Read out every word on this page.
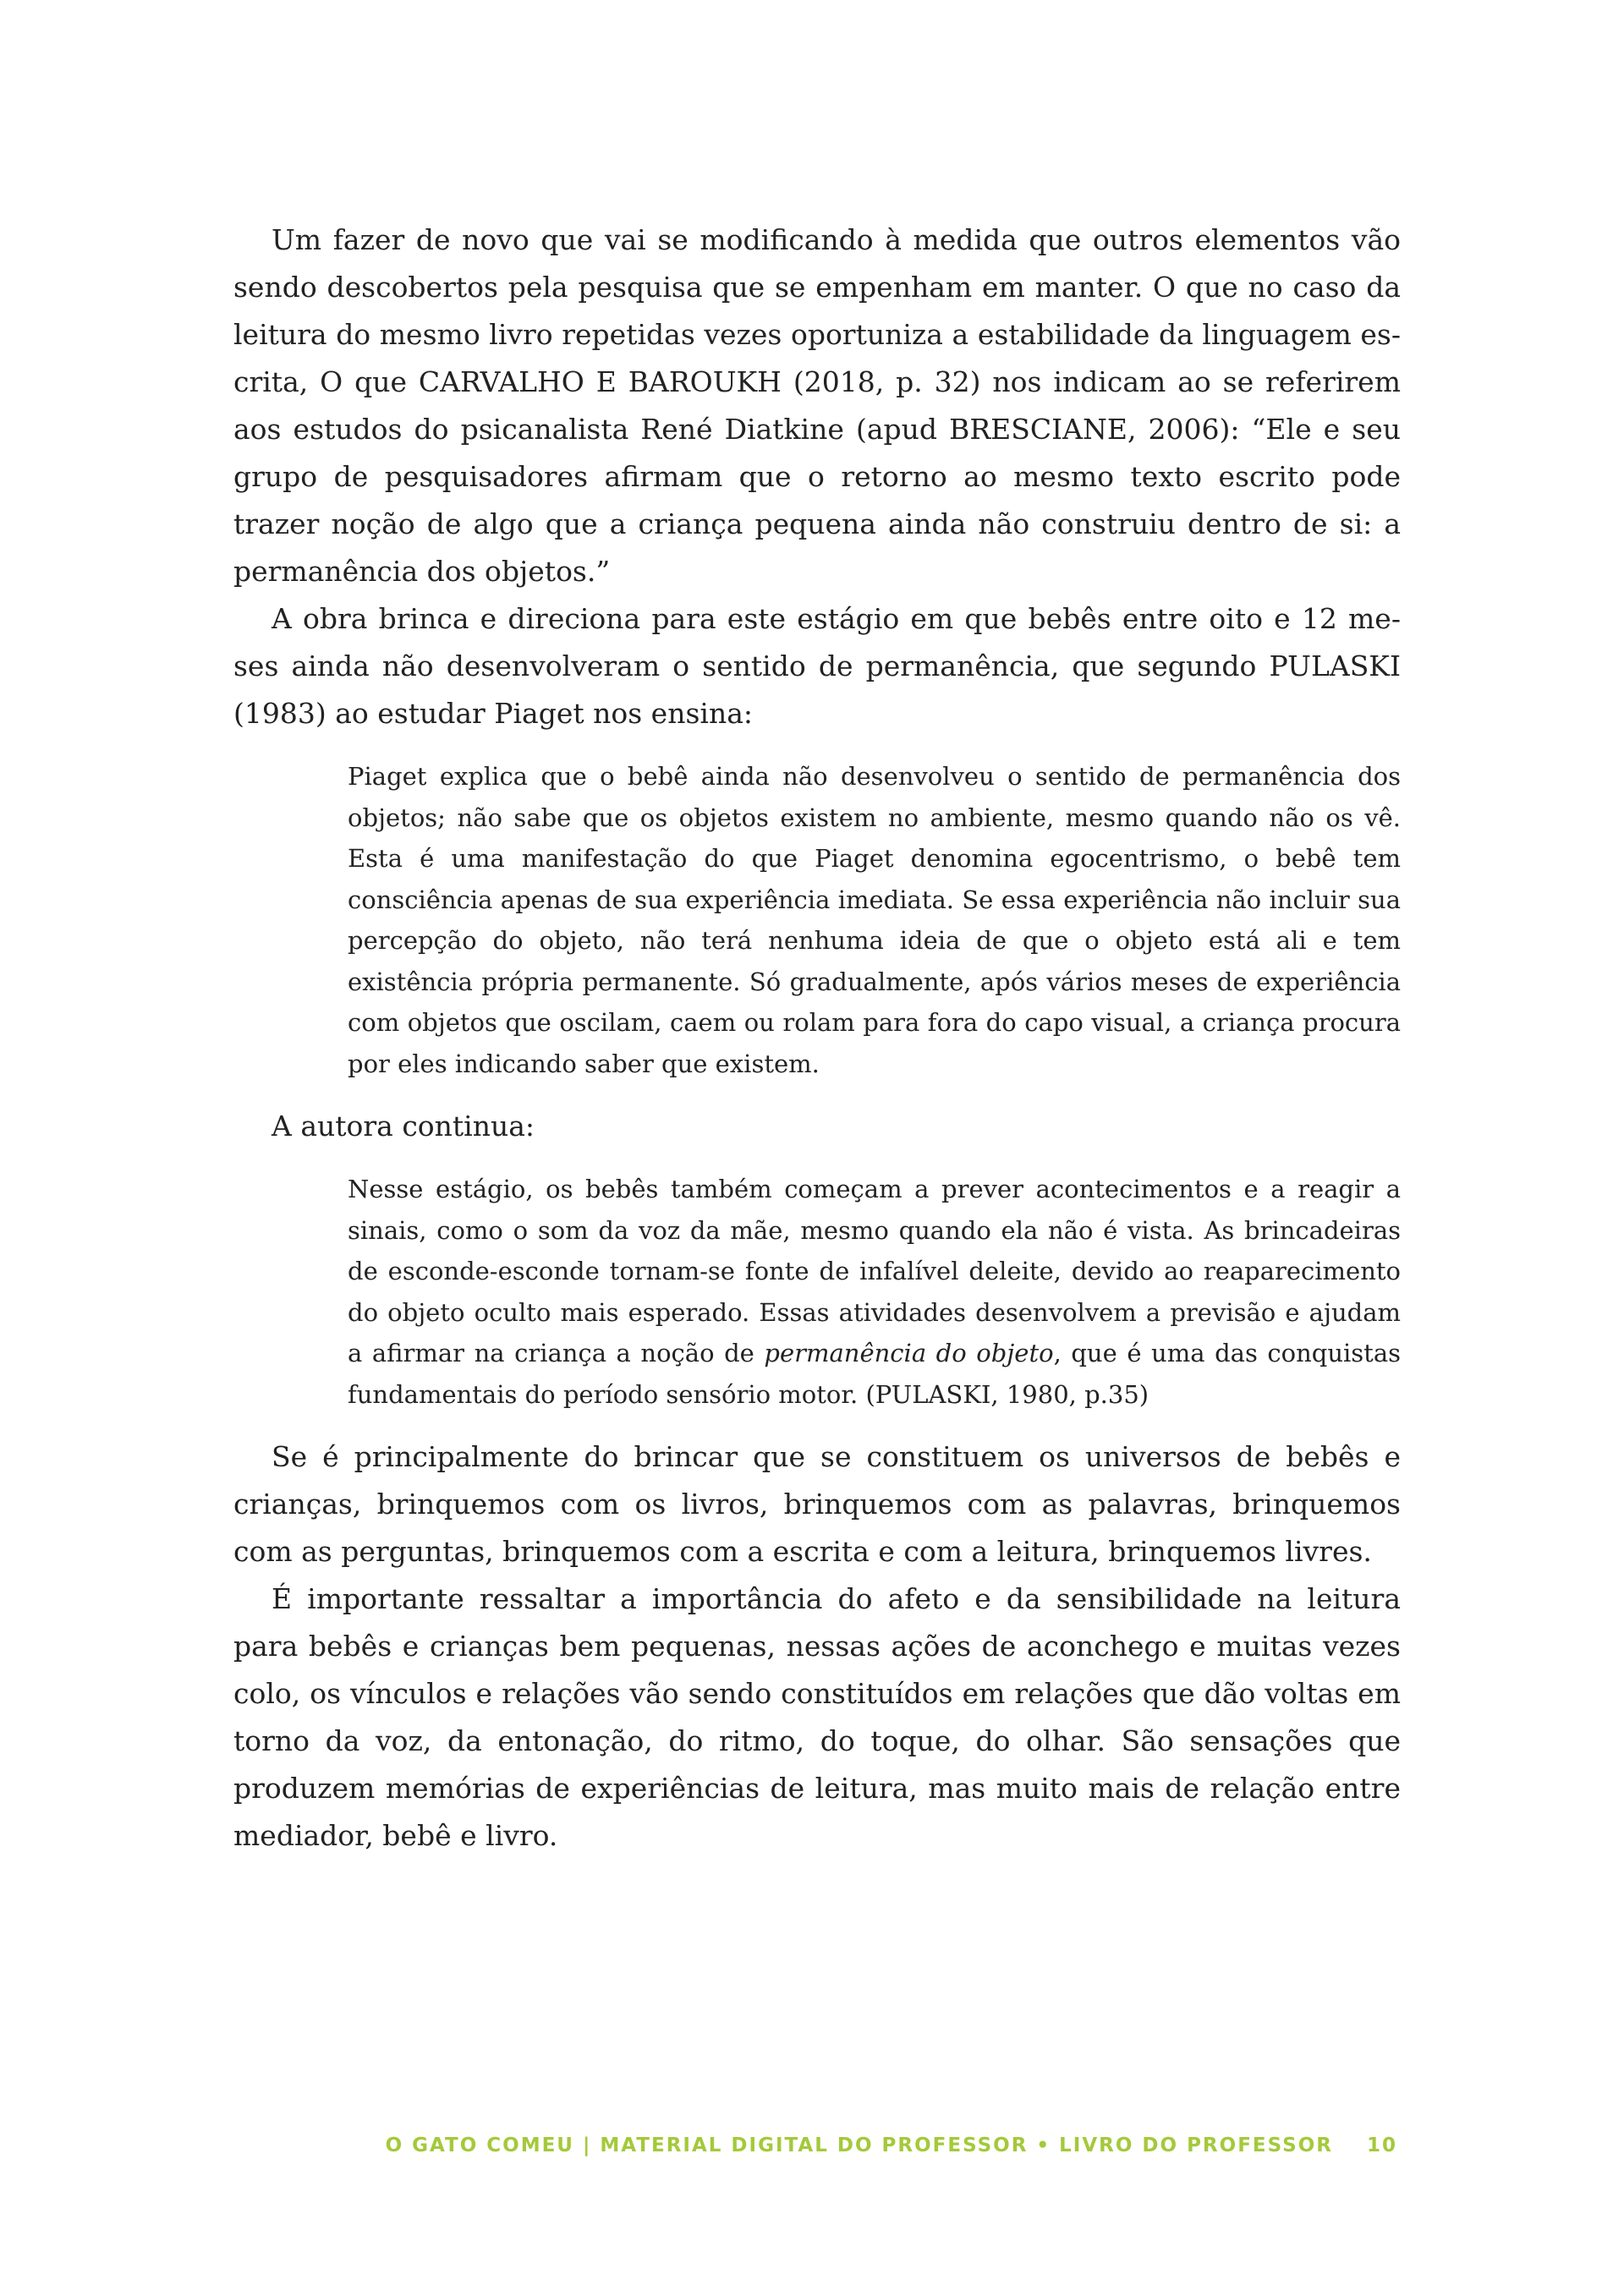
Um fazer de novo que vai se modificando à medida que outros elementos vão sendo descobertos pela pesquisa que se empenham em manter. O que no caso da leitura do mesmo livro repetidas vezes oportuniza a estabilidade da linguagem escrita, O que CARVALHO E BAROUKH (2018, p. 32) nos indicam ao se referirem aos estudos do psicanalista René Diatkine (apud BRESCIANE, 2006): “Ele e seu grupo de pesquisadores afirmam que o retorno ao mesmo texto escrito pode trazer noção de algo que a criança pequena ainda não construiu dentro de si: a permanência dos objetos.”

A obra brinca e direciona para este estágio em que bebês entre oito e 12 meses ainda não desenvolveram o sentido de permanência, que segundo PULASKI (1983) ao estudar Piaget nos ensina:

Piaget explica que o bebê ainda não desenvolveu o sentido de permanência dos objetos; não sabe que os objetos existem no ambiente, mesmo quando não os vê. Esta é uma manifestação do que Piaget denomina egocentrismo, o bebê tem consciência apenas de sua experiência imediata. Se essa experiência não incluir sua percepção do objeto, não terá nenhuma ideia de que o objeto está ali e tem existência própria permanente. Só gradualmente, após vários meses de experiência com objetos que oscilam, caem ou rolam para fora do capo visual, a criança procura por eles indicando saber que existem.

A autora continua:

Nesse estágio, os bebês também começam a prever acontecimentos e a reagir a sinais, como o som da voz da mãe, mesmo quando ela não é vista. As brincadeiras de esconde-esconde tornam-se fonte de infalível deleite, devido ao reaparecimento do objeto oculto mais esperado. Essas atividades desenvolvem a previsão e ajudam a afirmar na criança a noção de permanência do objeto, que é uma das conquistas fundamentais do período sensório motor. (PULASKI, 1980, p.35)

Se é principalmente do brincar que se constituem os universos de bebês e crianças, brinquemos com os livros, brinquemos com as palavras, brinquemos com as perguntas, brinquemos com a escrita e com a leitura, brinquemos livres.

É importante ressaltar a importância do afeto e da sensibilidade na leitura para bebês e crianças bem pequenas, nessas ações de aconchego e muitas vezes colo, os vínculos e relações vão sendo constituídos em relações que dão voltas em torno da voz, da entonação, do ritmo, do toque, do olhar. São sensações que produzem memórias de experiências de leitura, mas muito mais de relação entre mediador, bebê e livro.

O GATO COMEU | MATERIAL DIGITAL DO PROFESSOR • LIVRO DO PROFESSOR 10
